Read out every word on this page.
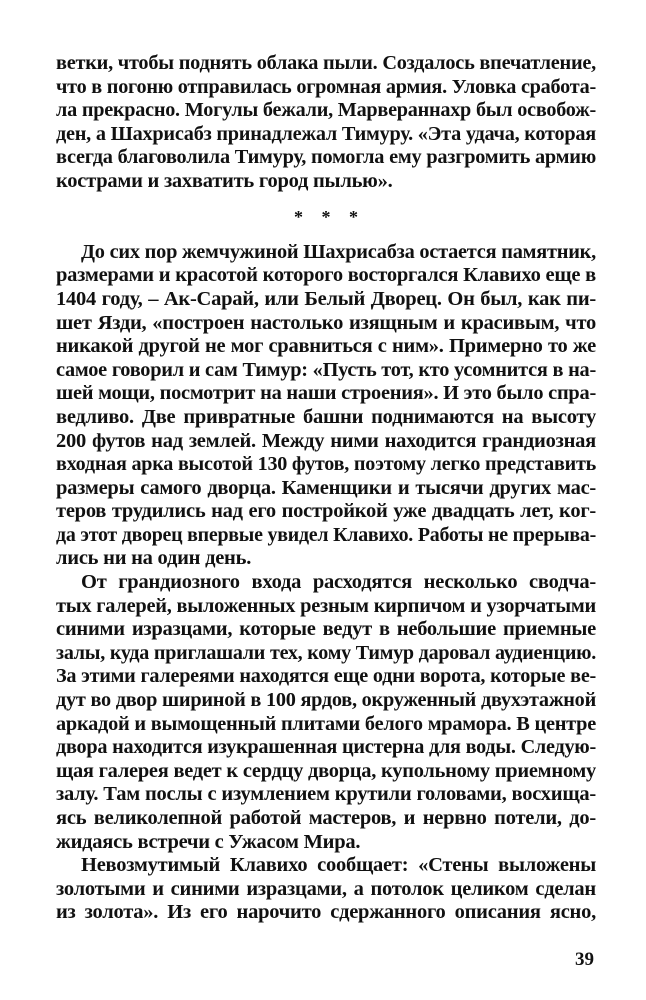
ветки, чтобы поднять облака пыли. Создалось впечатление,
что в погоню отправилась огромная армия. Уловка сработа-
ла прекрасно. Могулы бежали, Марвераннахр был освобож-
ден, а Шахрисабз принадлежал Тимуру. «Эта удача, которая
всегда благоволила Тимуру, помогла ему разгромить армию
кострами и захватить город пылью».
* * *
До сих пор жемчужиной Шахрисабза остается памятник,
размерами и красотой которого восторгался Клавихо еще в
1404 году, – Ак-Сарай, или Белый Дворец. Он был, как пи-
шет Язди, «построен настолько изящным и красивым, что
никакой другой не мог сравниться с ним». Примерно то же
самое говорил и сам Тимур: «Пусть тот, кто усомнится в на-
шей мощи, посмотрит на наши строения». И это было спра-
ведливо. Две привратные башни поднимаются на высоту
200 футов над землей. Между ними находится грандиозная
входная арка высотой 130 футов, поэтому легко представить
размеры самого дворца. Каменщики и тысячи других мас-
теров трудились над его постройкой уже двадцать лет, ког-
да этот дворец впервые увидел Клавихо. Работы не прерыва-
лись ни на один день.
От грандиозного входа расходятся несколько сводча-
тых галерей, выложенных резным кирпичом и узорчатыми
синими изразцами, которые ведут в небольшие приемные
залы, куда приглашали тех, кому Тимур даровал аудиенцию.
За этими галереями находятся еще одни ворота, которые ве-
дут во двор шириной в 100 ярдов, окруженный двухэтажной
аркадой и вымощенный плитами белого мрамора. В центре
двора находится изукрашенная цистерна для воды. Следую-
щая галерея ведет к сердцу дворца, купольному приемному
залу. Там послы с изумлением крутили головами, восхища-
ясь великолепной работой мастеров, и нервно потели, до-
жидаясь встречи с Ужасом Мира.
Невозмутимый Клавихо сообщает: «Стены выложены
золотыми и синими изразцами, а потолок целиком сделан
из золота». Из его нарочито сдержанного описания ясно,
39
